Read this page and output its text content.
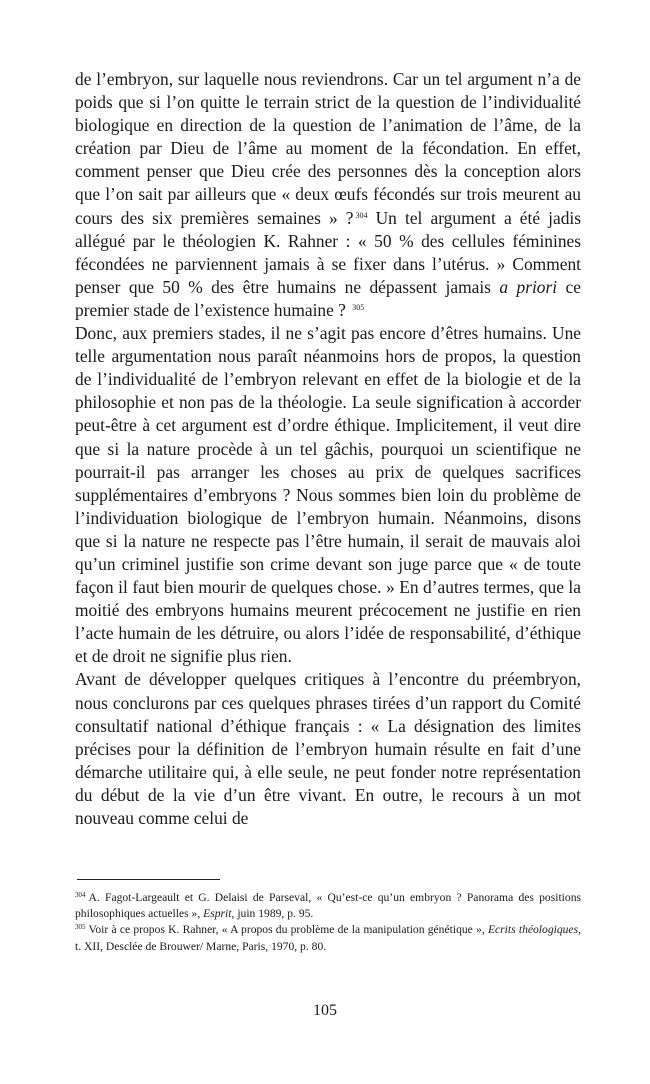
de l’embryon, sur laquelle nous reviendrons. Car un tel argument n’a de poids que si l’on quitte le terrain strict de la question de l’individualité biologique en direction de la question de l’animation de l’âme, de la création par Dieu de l’âme au moment de la fécondation. En effet, comment penser que Dieu crée des personnes dès la conception alors que l’on sait par ailleurs que « deux œufs fécondés sur trois meurent au cours des six premières semaines » ? $^{304}$ Un tel argument a été jadis allégué par le théologien K. Rahner : « 50 % des cellules féminines fécondées ne parviennent jamais à se fixer dans l’utérus. » Comment penser que 50 % des être humains ne dépassent jamais a priori ce premier stade de l’existence humaine ? $^{305}$

Donc, aux premiers stades, il ne s’agit pas encore d’êtres humains. Une telle argumentation nous paraît néanmoins hors de propos, la question de l’individualité de l’embryon relevant en effet de la biologie et de la philosophie et non pas de la théologie. La seule signification à accorder peut-être à cet argument est d’ordre éthique. Implicitement, il veut dire que si la nature procède à un tel gâchis, pourquoi un scientifique ne pourrait-il pas arranger les choses au prix de quelques sacrifices supplémentaires d’embryons ? Nous sommes bien loin du problème de l’individuation biologique de l’embryon humain. Néanmoins, disons que si la nature ne respecte pas l’être humain, il serait de mauvais aloi qu’un criminel justifie son crime devant son juge parce que « de toute façon il faut bien mourir de quelques chose. » En d’autres termes, que la moitié des embryons humains meurent précocement ne justifie en rien l’acte humain de les détruire, ou alors l’idée de responsabilité, d’éthique et de droit ne signifie plus rien.

Avant de développer quelques critiques à l’encontre du préembryon, nous conclurons par ces quelques phrases tirées d’un rapport du Comité consultatif national d’éthique français : « La désignation des limites précises pour la définition de l’embryon humain résulte en fait d’une démarche utilitaire qui, à elle seule, ne peut fonder notre représentation du début de la vie d’un être vivant. En outre, le recours à un mot nouveau comme celui de

$^{304}$ A. Fagot-Largeault et G. Delaisi de Parseval, « Qu’est-ce qu’un embryon ? Panorama des positions philosophiques actuelles », Esprit, juin 1989, p. 95.

$^{305}$ Voir à ce propos K. Rahner, « A propos du problème de la manipulation génétique », Ecrits théologiques, t. XII, Desclée de Brouwer/ Marne, Paris, 1970, p. 80.

105
